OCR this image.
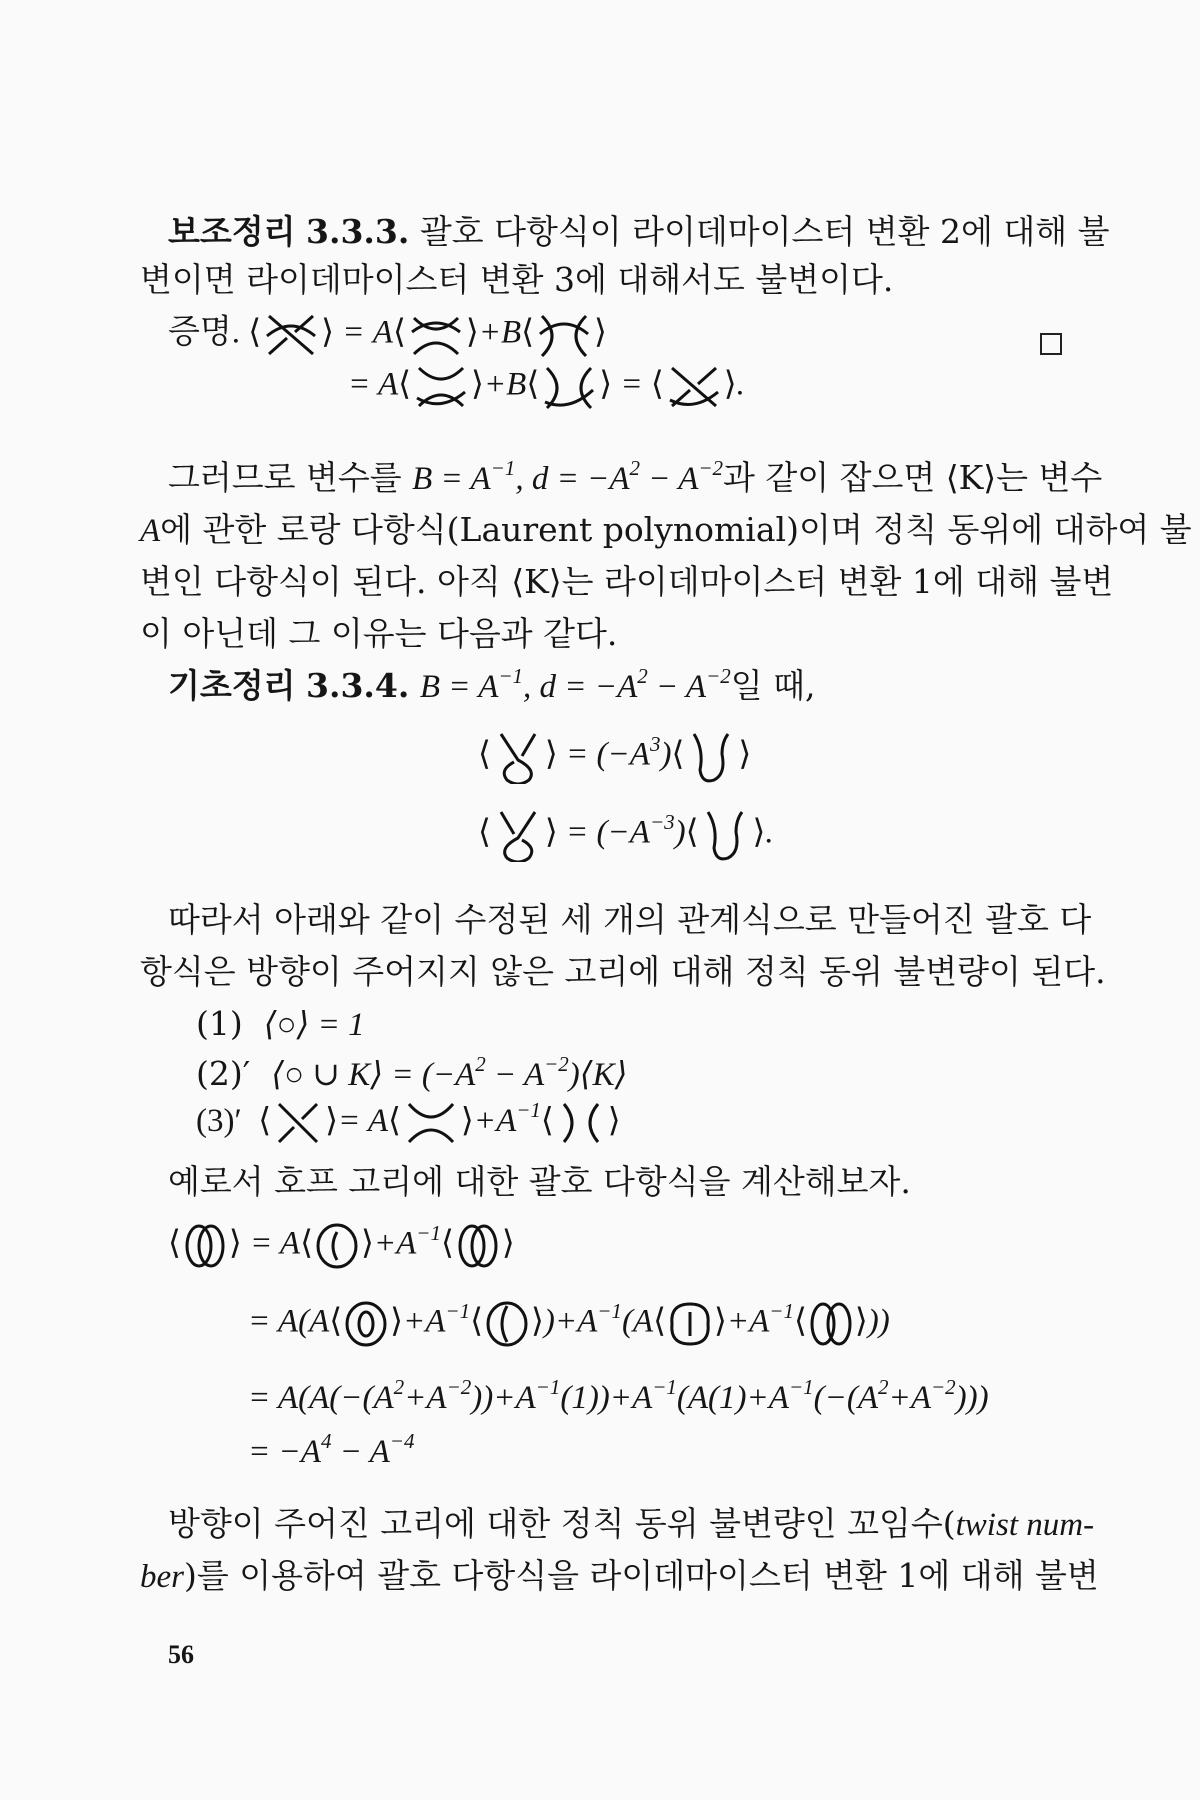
보조정리 3.3.3. 괄호 다항식이 라이데마이스터 변환 2에 대해 불
변이면 라이데마이스터 변환 3에 대해서도 불변이다.
증명. ⟨ ⟩ = A⟨ ⟩+B⟨ ⟩
= A⟨ ⟩+B⟨ ⟩ = ⟨ ⟩.
그러므로 변수를 $B = A^{-1}$, $d = -A^2 - A^{-2}$과 같이 잡으면 ⟨K⟩는 변수
A에 관한 로랑 다항식(Laurent polynomial)이며 정칙 동위에 대하여 불
변인 다항식이 된다. 아직 ⟨K⟩는 라이데마이스터 변환 1에 대해 불변
이 아닌데 그 이유는 다음과 같다.
기초정리 3.3.4. $B = A^{-1}$, $d = -A^2 - A^{-2}$일 때,
⟨ ⟩ = $(-A^3)⟨$ ⟩
⟨ ⟩ = $(-A^{-3})⟨$ ⟩.
따라서 아래와 같이 수정된 세 개의 관계식으로 만들어진 괄호 다
항식은 방향이 주어지지 않은 고리에 대해 정칙 동위 불변량이 된다.
(1) ⟨○⟩ = 1
(2)′ ⟨○ ∪ K⟩ = ($-A^2$ − $A^{-2})⟨K⟩$
(3)′ ⟨ ⟩= A⟨ $⟩+A^{-1}⟨$ ⟩
예로서 호프 고리에 대한 괄호 다항식을 계산해보자.
⟨ ⟩ = A⟨ $⟩+A^{-1}⟨$ ⟩
= A(A⟨ $⟩+A^{-1}⟨$ $⟩)+A^{-1}(A⟨$ $⟩+A^{-1}⟨$ ⟩))
= $A(A(-(A^2+A^{-2}))+A^{-1}(1))+A^{-1}(A(1)+A^{-1}(-(A^2+A^{-2})))$
= $-A^4 - A^{-4}$
방향이 주어진 고리에 대한 정칙 동위 불변량인 꼬임수(twist num-
ber)를 이용하여 괄호 다항식을 라이데마이스터 변환 1에 대해 불변
56
